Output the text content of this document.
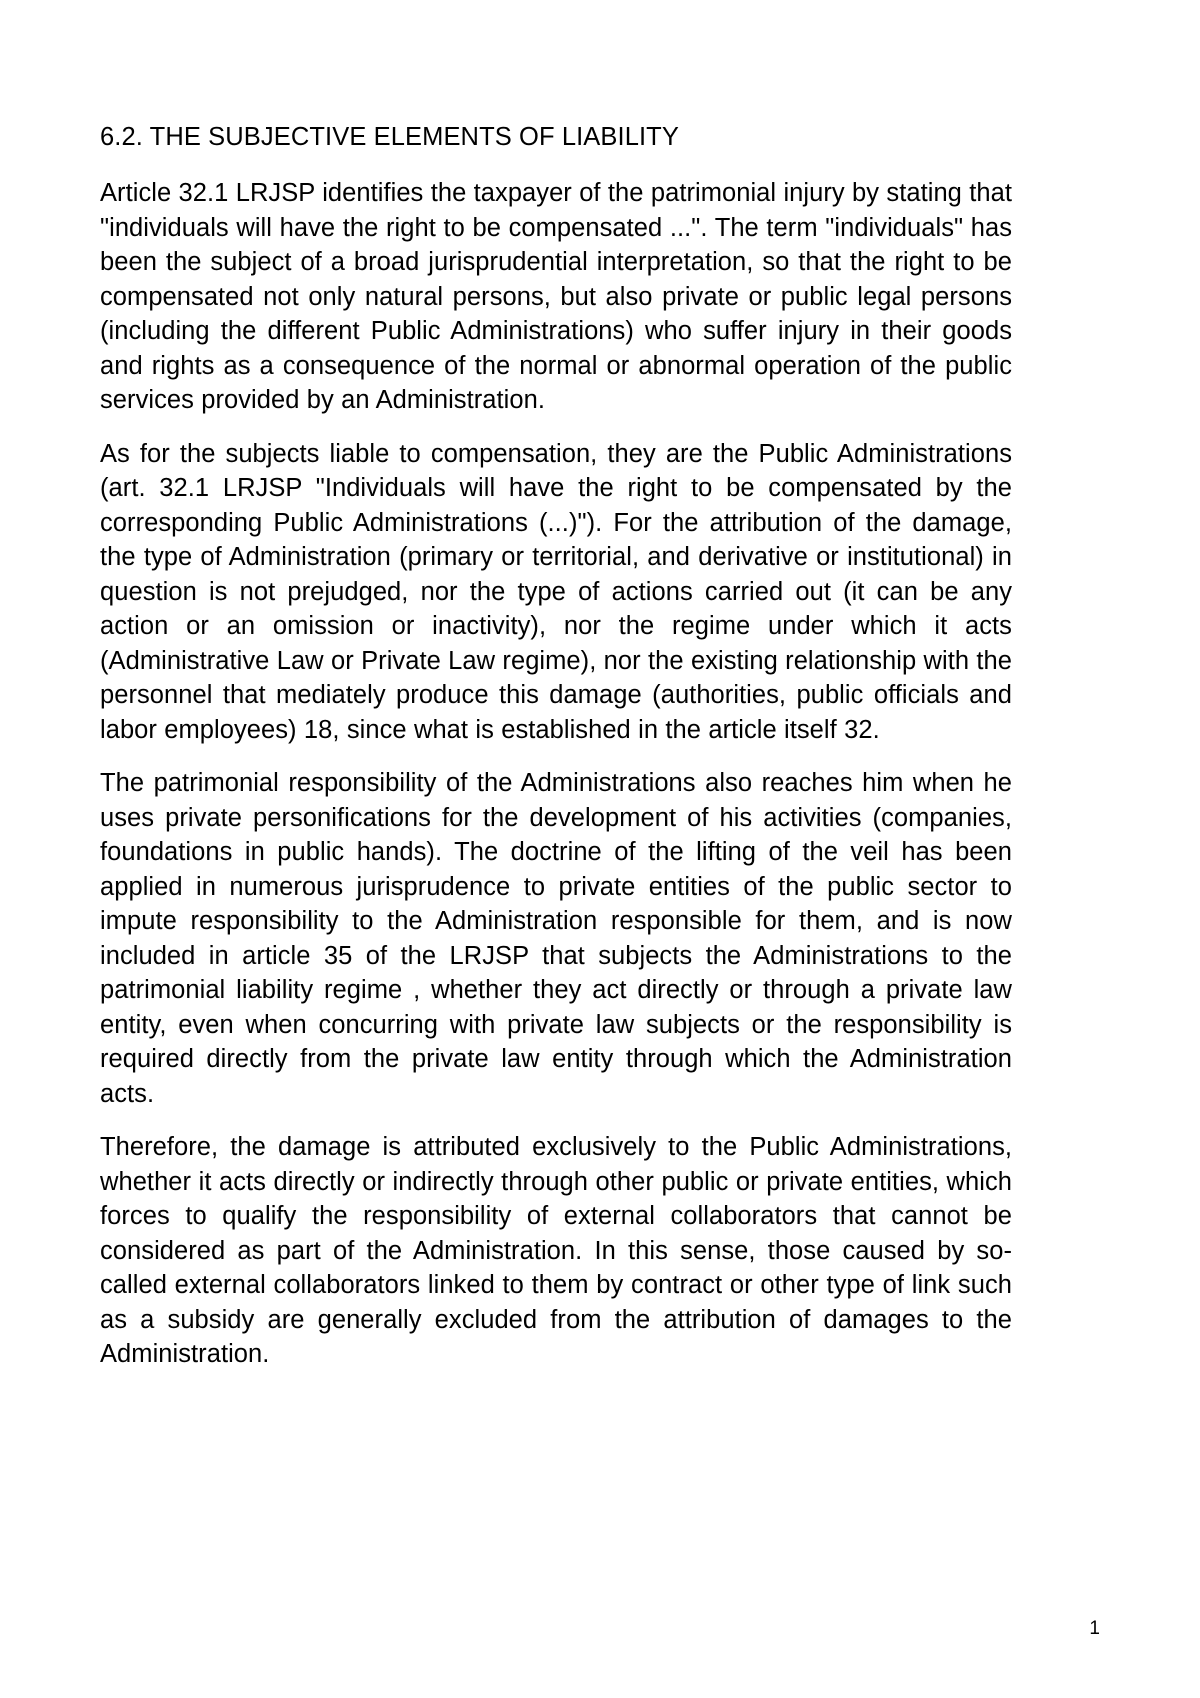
6.2. THE SUBJECTIVE ELEMENTS OF LIABILITY

Article 32.1 LRJSP identifies the taxpayer of the patrimonial injury by stating that "individuals will have the right to be compensated ...". The term "individuals" has been the subject of a broad jurisprudential interpretation, so that the right to be compensated not only natural persons, but also private or public legal persons (including the different Public Administrations) who suffer injury in their goods and rights as a consequence of the normal or abnormal operation of the public services provided by an Administration.

As for the subjects liable to compensation, they are the Public Administrations (art. 32.1 LRJSP "Individuals will have the right to be compensated by the corresponding Public Administrations (...)"). For the attribution of the damage, the type of Administration (primary or territorial, and derivative or institutional) in question is not prejudged, nor the type of actions carried out (it can be any action or an omission or inactivity), nor the regime under which it acts (Administrative Law or Private Law regime), nor the existing relationship with the personnel that mediately produce this damage (authorities, public officials and labor employees) 18, since what is established in the article itself 32.

The patrimonial responsibility of the Administrations also reaches him when he uses private personifications for the development of his activities (companies, foundations in public hands). The doctrine of the lifting of the veil has been applied in numerous jurisprudence to private entities of the public sector to impute responsibility to the Administration responsible for them, and is now included in article 35 of the LRJSP that subjects the Administrations to the patrimonial liability regime , whether they act directly or through a private law entity, even when concurring with private law subjects or the responsibility is required directly from the private law entity through which the Administration acts.

Therefore, the damage is attributed exclusively to the Public Administrations, whether it acts directly or indirectly through other public or private entities, which forces to qualify the responsibility of external collaborators that cannot be considered as part of the Administration. In this sense, those caused by so-called external collaborators linked to them by contract or other type of link such as a subsidy are generally excluded from the attribution of damages to the Administration.

1
